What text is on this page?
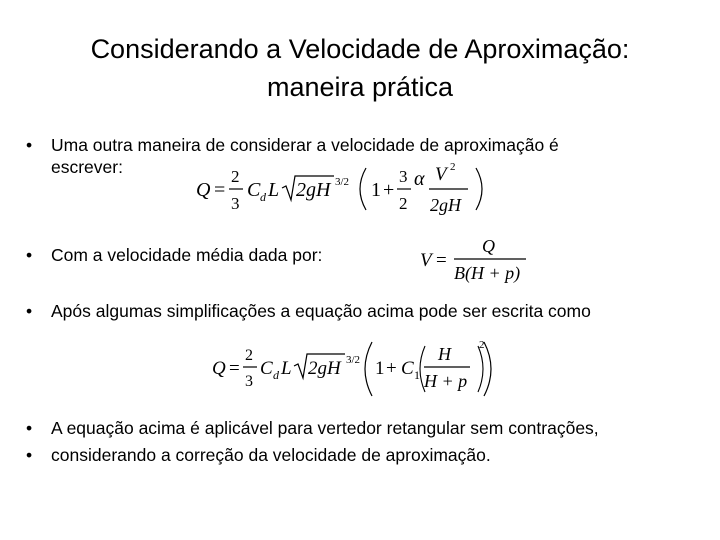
Considerando a Velocidade de Aproximação:
maneira prática
• Uma outra maneira de considerar a velocidade de aproximação é
escrever:
Q =
2
3
C d L 2gH 3/2 1 +
3
2
α V 2
2gH
• Com a velocidade média dada por:	V =
Q
B(H + p)
• Após algumas simplificações a equação acima pode ser escrita como
Q =
2
3
C d L 2gH 3/2 1 + C 1
H
H + p
2
• A equação acima é aplicável para vertedor retangular sem contrações,
• considerando a correção da velocidade de aproximação.
